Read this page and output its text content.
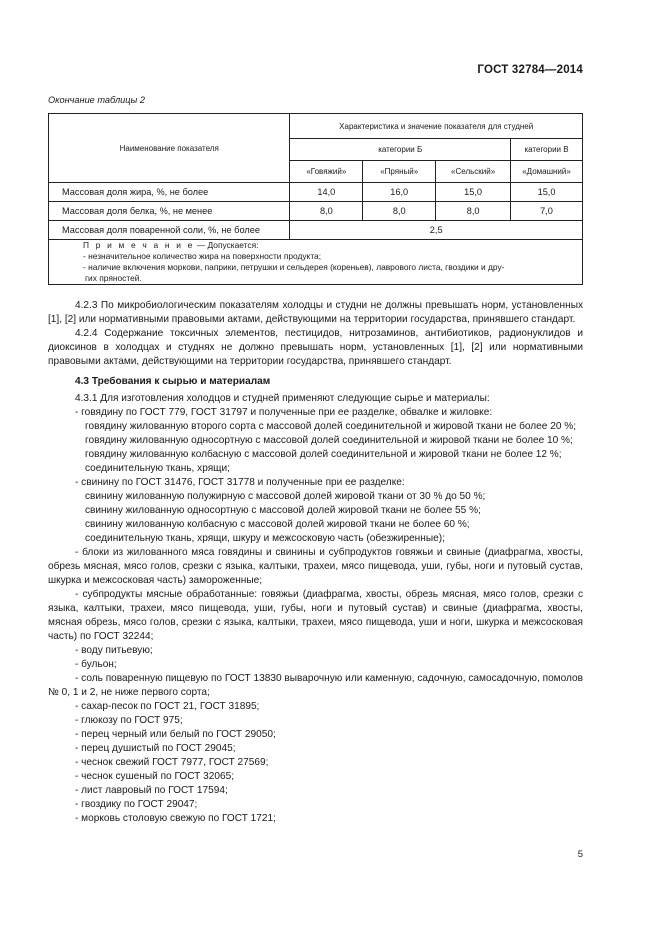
ГОСТ 32784—2014
Окончание таблицы 2
Наименование показателя	Характеристика и значение показателя для студней			
	категории Б			категории В
	«Говяжий»	«Пряный»	«Сельский»	«Домашний»
Массовая доля жира, %, не более	14,0	16,0	15,0	15,0
Массовая доля белка, %, не менее	8,0	8,0	8,0	7,0
Массовая доля поваренной соли, %, не более	2,5			

П р и м е ч а н и е — Допускается:
- незначительное количество жира на поверхности продукта;
- наличие включения моркови, паприки, петрушки и сельдерея (кореньев), лаврового листа, гвоздики и дру-
гих пряностей.				
4.2.3 По микробиологическим показателям холодцы и студни не должны превышать норм, установленных [1], [2] или нормативными правовыми актами, действующими на территории государства, принявшего стандарт.
4.2.4 Содержание токсичных элементов, пестицидов, нитрозаминов, антибиотиков, радионуклидов и диоксинов в холодцах и студнях не должно превышать норм, установленных [1], [2] или нормативными правовыми актами, действующими на территории государства, принявшего стандарт.
4.3 Требования к сырью и материалам
4.3.1 Для изготовления холодцов и студней применяют следующие сырье и материалы:
- говядину по ГОСТ 779, ГОСТ 31797 и полученные при ее разделке, обвалке и жиловке:
говядину жилованную второго сорта с массовой долей соединительной и жировой ткани не более 20 %;
говядину жилованную односортную с массовой долей соединительной и жировой ткани не более 10 %;
говядину жилованную колбасную с массовой долей соединительной и жировой ткани не более 12 %;
соединительную ткань, хрящи;
- свинину по ГОСТ 31476, ГОСТ 31778 и полученные при ее разделке:
свинину жилованную полужирную с массовой долей жировой ткани от 30 % до 50 %;
свинину жилованную односортную с массовой долей жировой ткани не более 55 %;
свинину жилованную колбасную с массовой долей жировой ткани не более 60 %;
соединительную ткань, хрящи, шкуру и межсосковую часть (обезжиренные);
- блоки из жилованного мяса говядины и свинины и субпродуктов говяжьи и свиные (диафрагма, хвосты, обрезь мясная, мясо голов, срезки с языка, калтыки, трахеи, мясо пищевода, уши, губы, ноги и путовый сустав, шкурка и межсосковая часть) замороженные;
- субпродукты мясные обработанные: говяжьи (диафрагма, хвосты, обрезь мясная, мясо голов, срезки с языка, калтыки, трахеи, мясо пищевода, уши, губы, ноги и путовый сустав) и свиные (диафрагма, хвосты, мясная обрезь, мясо голов, срезки с языка, калтыки, трахеи, мясо пищевода, уши и ноги, шкурка и межсосковая часть) по ГОСТ 32244;
- воду питьевую;
- бульон;
- соль поваренную пищевую по ГОСТ 13830 выварочную или каменную, садочную, самосадочную, помолов № 0, 1 и 2, не ниже первого сорта;
- сахар-песок по ГОСТ 21, ГОСТ 31895;
- глюкозу по ГОСТ 975;
- перец черный или белый по ГОСТ 29050;
- перец душистый по ГОСТ 29045;
- чеснок свежий ГОСТ 7977, ГОСТ 27569;
- чеснок сушеный по ГОСТ 32065;
- лист лавровый по ГОСТ 17594;
- гвоздику по ГОСТ 29047;
- морковь столовую свежую по ГОСТ 1721;
5
